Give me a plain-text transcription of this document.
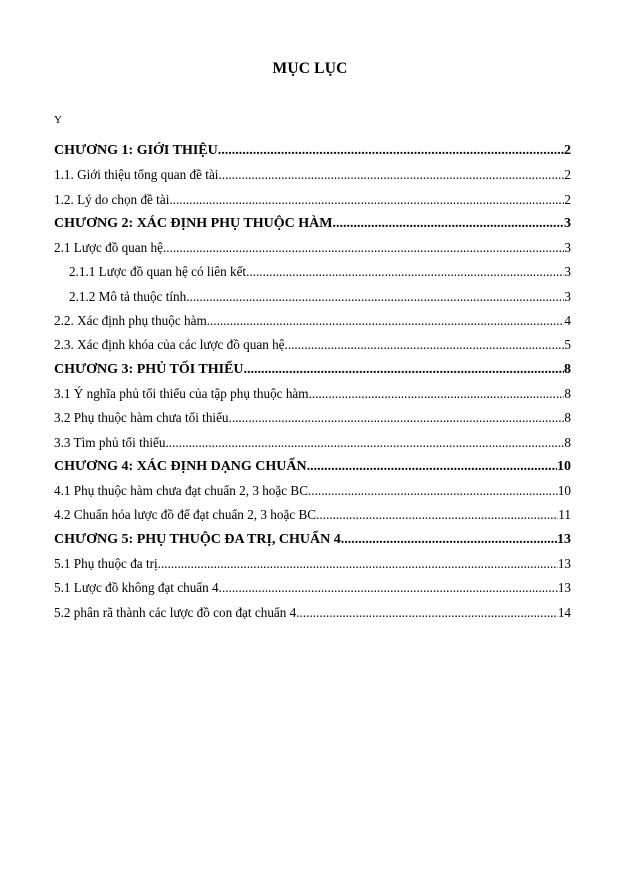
MỤC LỤC
Y
CHƯƠNG 1: GIỚI THIỆU .....	2
1.1. Giới thiệu tổng quan đề tài .....	2
1.2. Lý do chọn đề tài .....	2
CHƯƠNG 2: XÁC ĐỊNH PHỤ THUỘC HÀM .....	3
2.1 Lược đồ quan hệ .....	3
2.1.1 Lược đồ quan hệ có liên kết .....	3
2.1.2 Mô tả thuộc tính .....	3
2.2. Xác định phụ thuộc hàm .....	4
2.3. Xác định khóa của các lược đồ quan hệ .....	5
CHƯƠNG 3: PHỦ TỐI THIỂU .....	8
3.1 Ý nghĩa phủ tối thiểu của tập phụ thuộc hàm .....	8
3.2 Phụ thuộc hàm chưa tối thiểu .....	8
3.3 Tìm phủ tối thiểu .....	8
CHƯƠNG 4: XÁC ĐỊNH DẠNG CHUẨN .....	10
4.1 Phụ thuộc hàm chưa đạt chuẩn 2, 3 hoặc BC .....	10
4.2 Chuẩn hóa lược đồ để đạt chuẩn 2, 3 hoặc BC .....	11
CHƯƠNG 5: PHỤ THUỘC ĐA TRỊ, CHUẨN 4 .....	13
5.1 Phụ thuộc đa trị .....	13
5.1 Lược đồ không đạt chuẩn 4 .....	13
5.2 phân rã thành các lược đồ con đạt chuẩn 4 .....	14
